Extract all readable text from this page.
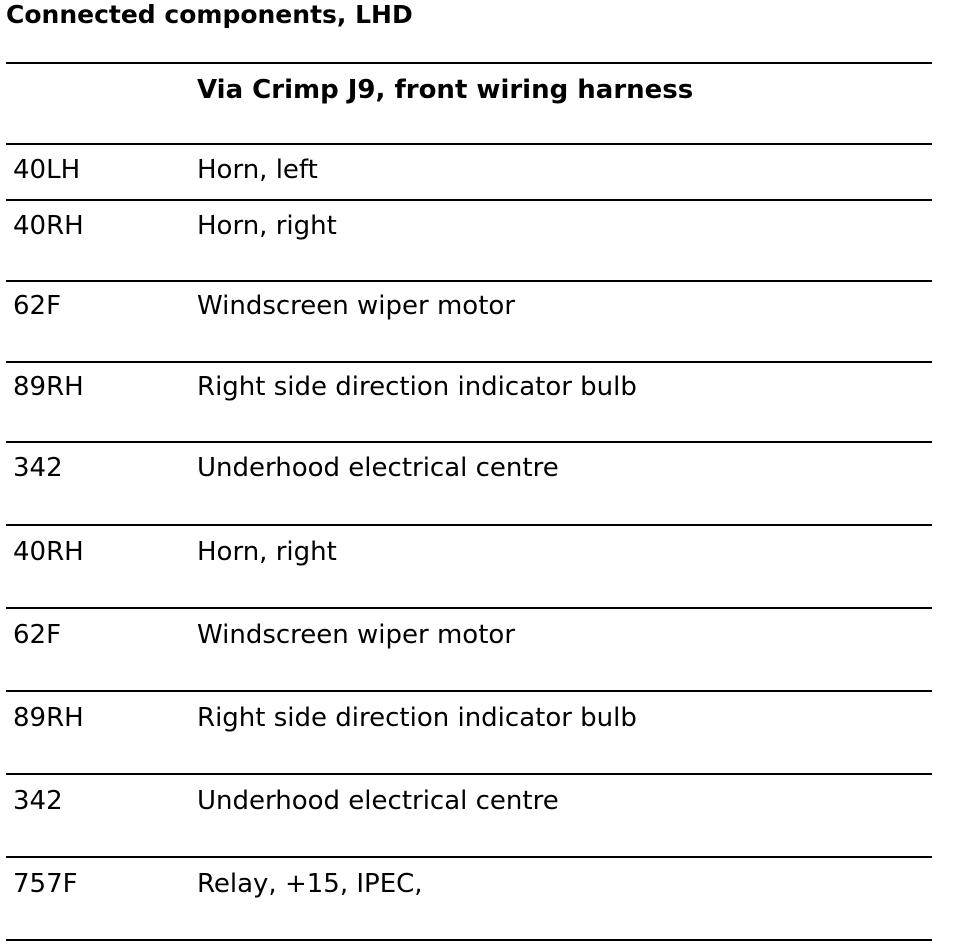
Connected components, LHD
Via Crimp J9, front wiring harness
40LH	Horn, left
40RH	Horn, right
62F	Windscreen wiper motor
89RH	Right side direction indicator bulb
342	Underhood electrical centre
40RH	Horn, right
62F	Windscreen wiper motor
89RH	Right side direction indicator bulb
342	Underhood electrical centre
757F	Relay, +15, IPEC,
